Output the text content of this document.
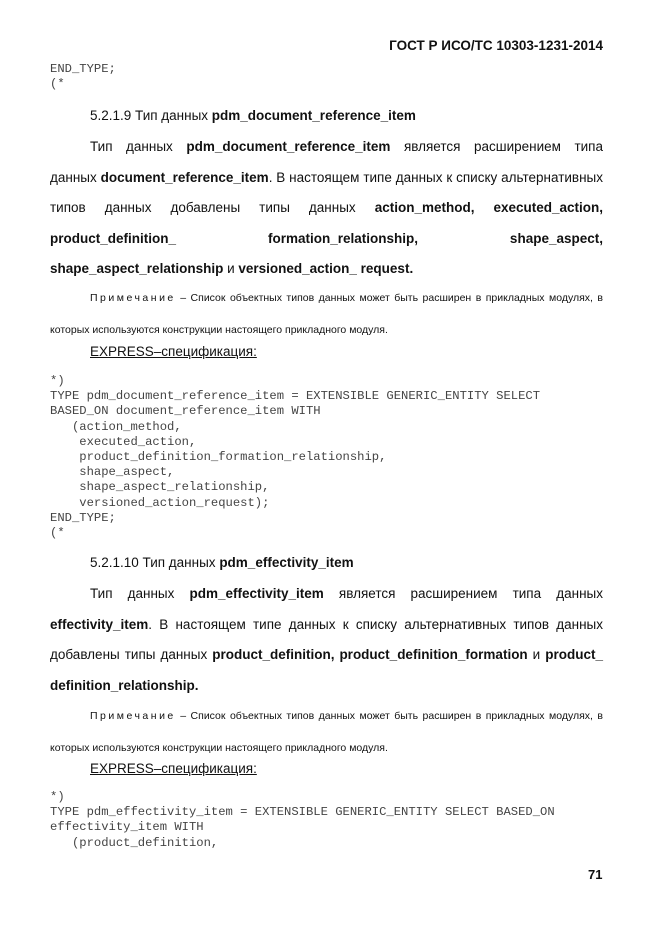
ГОСТ Р ИСО/ТС 10303-1231-2014
END_TYPE;
(*
5.2.1.9 Тип данных pdm_document_reference_item

Тип данных pdm_document_reference_item является расширением типа данных document_reference_item. В настоящем типе данных к списку альтернативных типов данных добавлены типы данных action_method, executed_action, product_definition_ formation_relationship, shape_aspect, shape_aspect_relationship и versioned_action_ request.

Примечание – Список объектных типов данных может быть расширен в прикладных модулях, в которых используются конструкции настоящего прикладного модуля.

EXPRESS–спецификация:
*)
TYPE pdm_document_reference_item = EXTENSIBLE GENERIC_ENTITY SELECT
BASED_ON document_reference_item WITH
(action_method,
executed_action,
product_definition_formation_relationship,
shape_aspect,
shape_aspect_relationship,
versioned_action_request);
END_TYPE;
(*
5.2.1.10 Тип данных pdm_effectivity_item

Тип данных pdm_effectivity_item является расширением типа данных effectivity_item. В настоящем типе данных к списку альтернативных типов данных добавлены типы данных product_definition, product_definition_formation и product_ definition_relationship.

Примечание – Список объектных типов данных может быть расширен в прикладных модулях, в которых используются конструкции настоящего прикладного модуля.

EXPRESS–спецификация:
*)
TYPE pdm_effectivity_item = EXTENSIBLE GENERIC_ENTITY SELECT BASED_ON
effectivity_item WITH
(product_definition,
71
